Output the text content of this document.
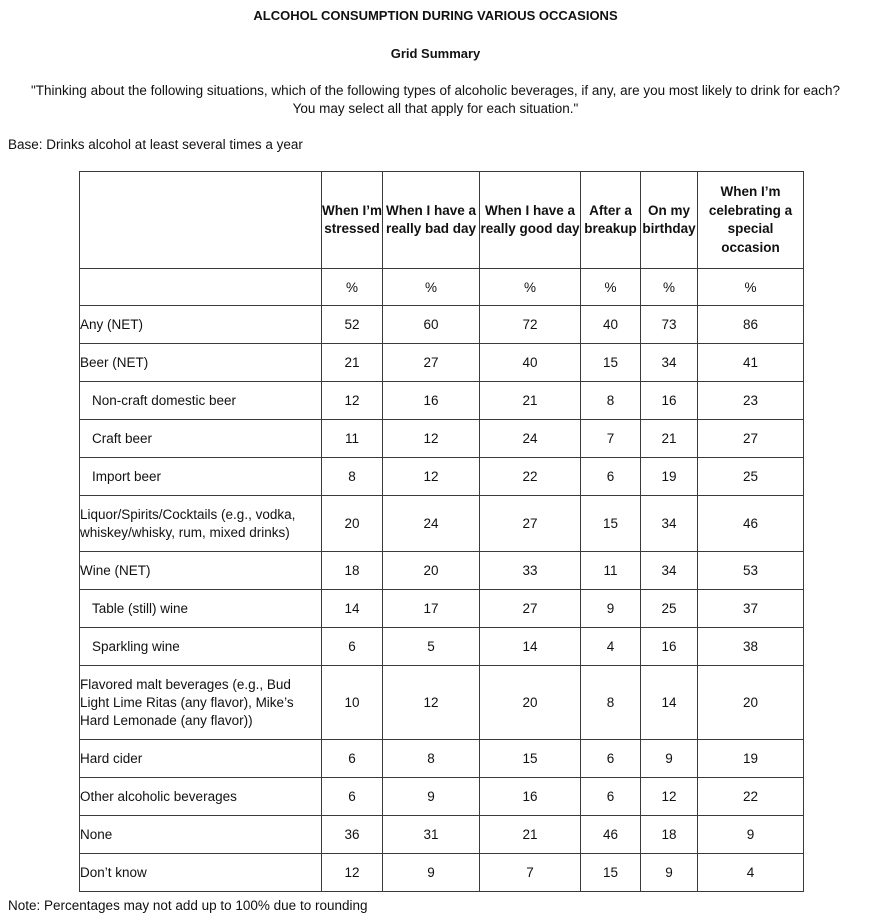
ALCOHOL CONSUMPTION DURING VARIOUS OCCASIONS
Grid Summary
"Thinking about the following situations, which of the following types of alcoholic beverages, if any, are you most likely to drink for each?
You may select all that apply for each situation."
Base: Drinks alcohol at least several times a year
	When I’m stressed	When I have a really bad day	When I have a really good day	After a breakup	On my birthday	When I’m celebrating a special occasion
	%	%	%	%	%	%
Any (NET)	52	60	72	40	73	86
Beer (NET)	21	27	40	15	34	41
Non-craft domestic beer	12	16	21	8	16	23
Craft beer	11	12	24	7	21	27
Import beer	8	12	22	6	19	25
Liquor/Spirits/Cocktails (e.g., vodka, whiskey/whisky, rum, mixed drinks)	20	24	27	15	34	46
Wine (NET)	18	20	33	11	34	53
Table (still) wine	14	17	27	9	25	37
Sparkling wine	6	5	14	4	16	38
Flavored malt beverages (e.g., Bud Light Lime Ritas (any flavor), Mike’s Hard Lemonade (any flavor))	10	12	20	8	14	20
Hard cider	6	8	15	6	9	19
Other alcoholic beverages	6	9	16	6	12	22
None	36	31	21	46	18	9
Don’t know	12	9	7	15	9	4
Note: Percentages may not add up to 100% due to rounding
